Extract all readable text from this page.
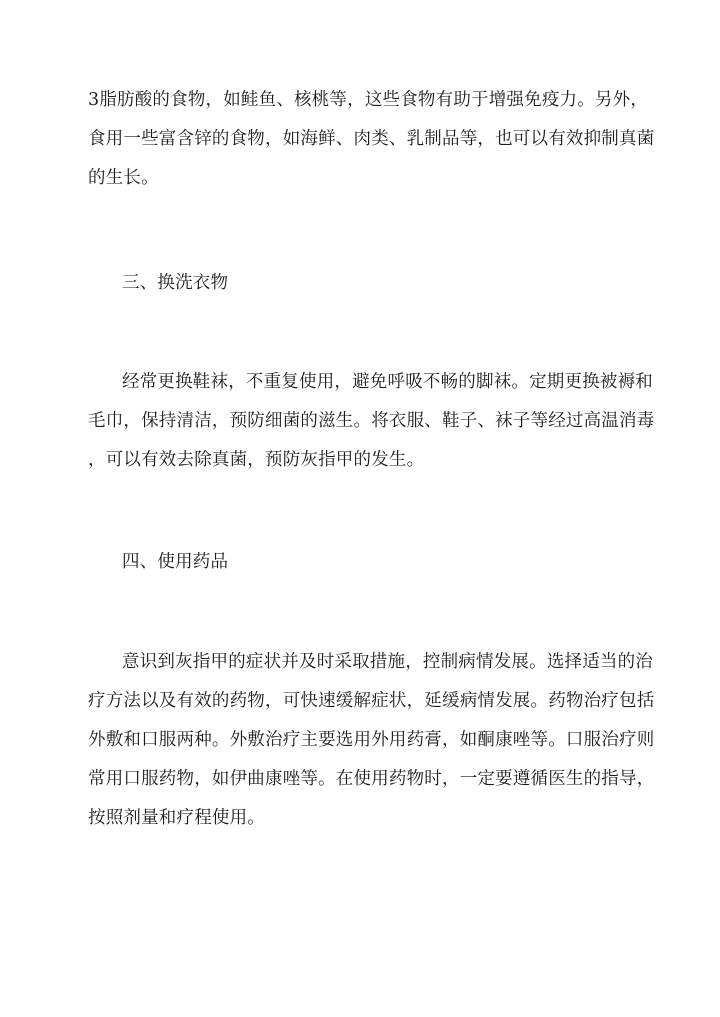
3脂肪酸的食物，如鲑鱼、核桃等，这些食物有助于增强免疫力。另外，
食用一些富含锌的食物，如海鲜、肉类、乳制品等，也可以有效抑制真菌
的生长。
三、换洗衣物
经常更换鞋袜，不重复使用，避免呼吸不畅的脚袜。定期更换被褥和
毛巾，保持清洁，预防细菌的滋生。将衣服、鞋子、袜子等经过高温消毒
，可以有效去除真菌，预防灰指甲的发生。
四、使用药品
意识到灰指甲的症状并及时采取措施，控制病情发展。选择适当的治
疗方法以及有效的药物，可快速缓解症状，延缓病情发展。药物治疗包括
外敷和口服两种。外敷治疗主要选用外用药膏，如酮康唑等。口服治疗则
常用口服药物，如伊曲康唑等。在使用药物时，一定要遵循医生的指导，
按照剂量和疗程使用。
